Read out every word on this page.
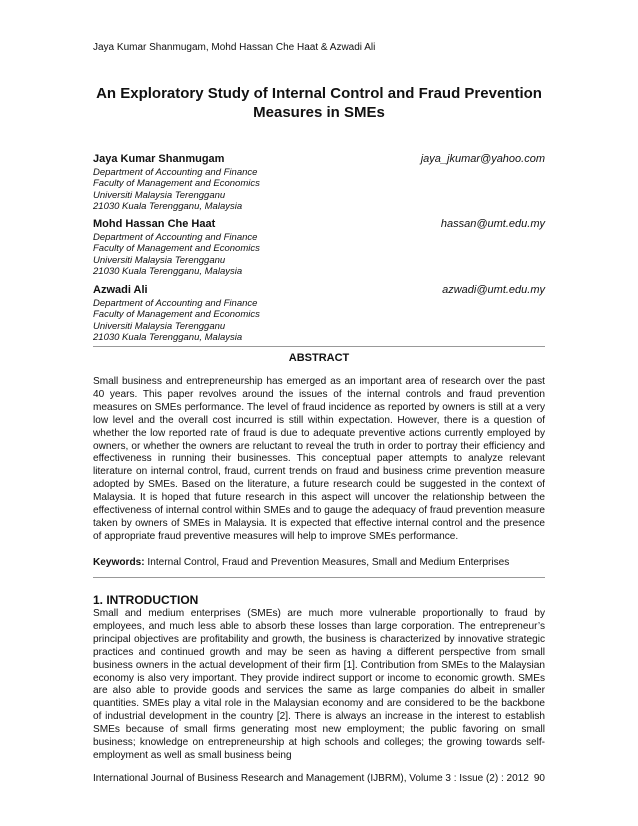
Jaya Kumar Shanmugam, Mohd Hassan Che Haat & Azwadi Ali
An Exploratory Study of Internal Control and Fraud Prevention Measures in SMEs
Jaya Kumar Shanmugam	jaya_jkumar@yahoo.com
Department of Accounting and Finance
Faculty of Management and Economics
Universiti Malaysia Terengganu
21030 Kuala Terengganu, Malaysia
Mohd Hassan Che Haat	hassan@umt.edu.my
Department of Accounting and Finance
Faculty of Management and Economics
Universiti Malaysia Terengganu
21030 Kuala Terengganu, Malaysia
Azwadi Ali	azwadi@umt.edu.my
Department of Accounting and Finance
Faculty of Management and Economics
Universiti Malaysia Terengganu
21030 Kuala Terengganu, Malaysia
ABSTRACT
Small business and entrepreneurship has emerged as an important area of research over the past 40 years. This paper revolves around the issues of the internal controls and fraud prevention measures on SMEs performance. The level of fraud incidence as reported by owners is still at a very low level and the overall cost incurred is still within expectation. However, there is a question of whether the low reported rate of fraud is due to adequate preventive actions currently employed by owners, or whether the owners are reluctant to reveal the truth in order to portray their efficiency and effectiveness in running their businesses. This conceptual paper attempts to analyze relevant literature on internal control, fraud, current trends on fraud and business crime prevention measure adopted by SMEs. Based on the literature, a future research could be suggested in the context of Malaysia. It is hoped that future research in this aspect will uncover the relationship between the effectiveness of internal control within SMEs and to gauge the adequacy of fraud prevention measure taken by owners of SMEs in Malaysia. It is expected that effective internal control and the presence of appropriate fraud preventive measures will help to improve SMEs performance.
Keywords: Internal Control, Fraud and Prevention Measures, Small and Medium Enterprises
1. INTRODUCTION
Small and medium enterprises (SMEs) are much more vulnerable proportionally to fraud by employees, and much less able to absorb these losses than large corporation. The entrepreneur’s principal objectives are profitability and growth, the business is characterized by innovative strategic practices and continued growth and may be seen as having a different perspective from small business owners in the actual development of their firm [1]. Contribution from SMEs to the Malaysian economy is also very important. They provide indirect support or income to economic growth. SMEs are also able to provide goods and services the same as large companies do albeit in smaller quantities. SMEs play a vital role in the Malaysian economy and are considered to be the backbone of industrial development in the country [2]. There is always an increase in the interest to establish SMEs because of small firms generating most new employment; the public favoring on small business; knowledge on entrepreneurship at high schools and colleges; the growing towards self-employment as well as small business being
International Journal of Business Research and Management (IJBRM), Volume 3 : Issue (2) : 2012 90
